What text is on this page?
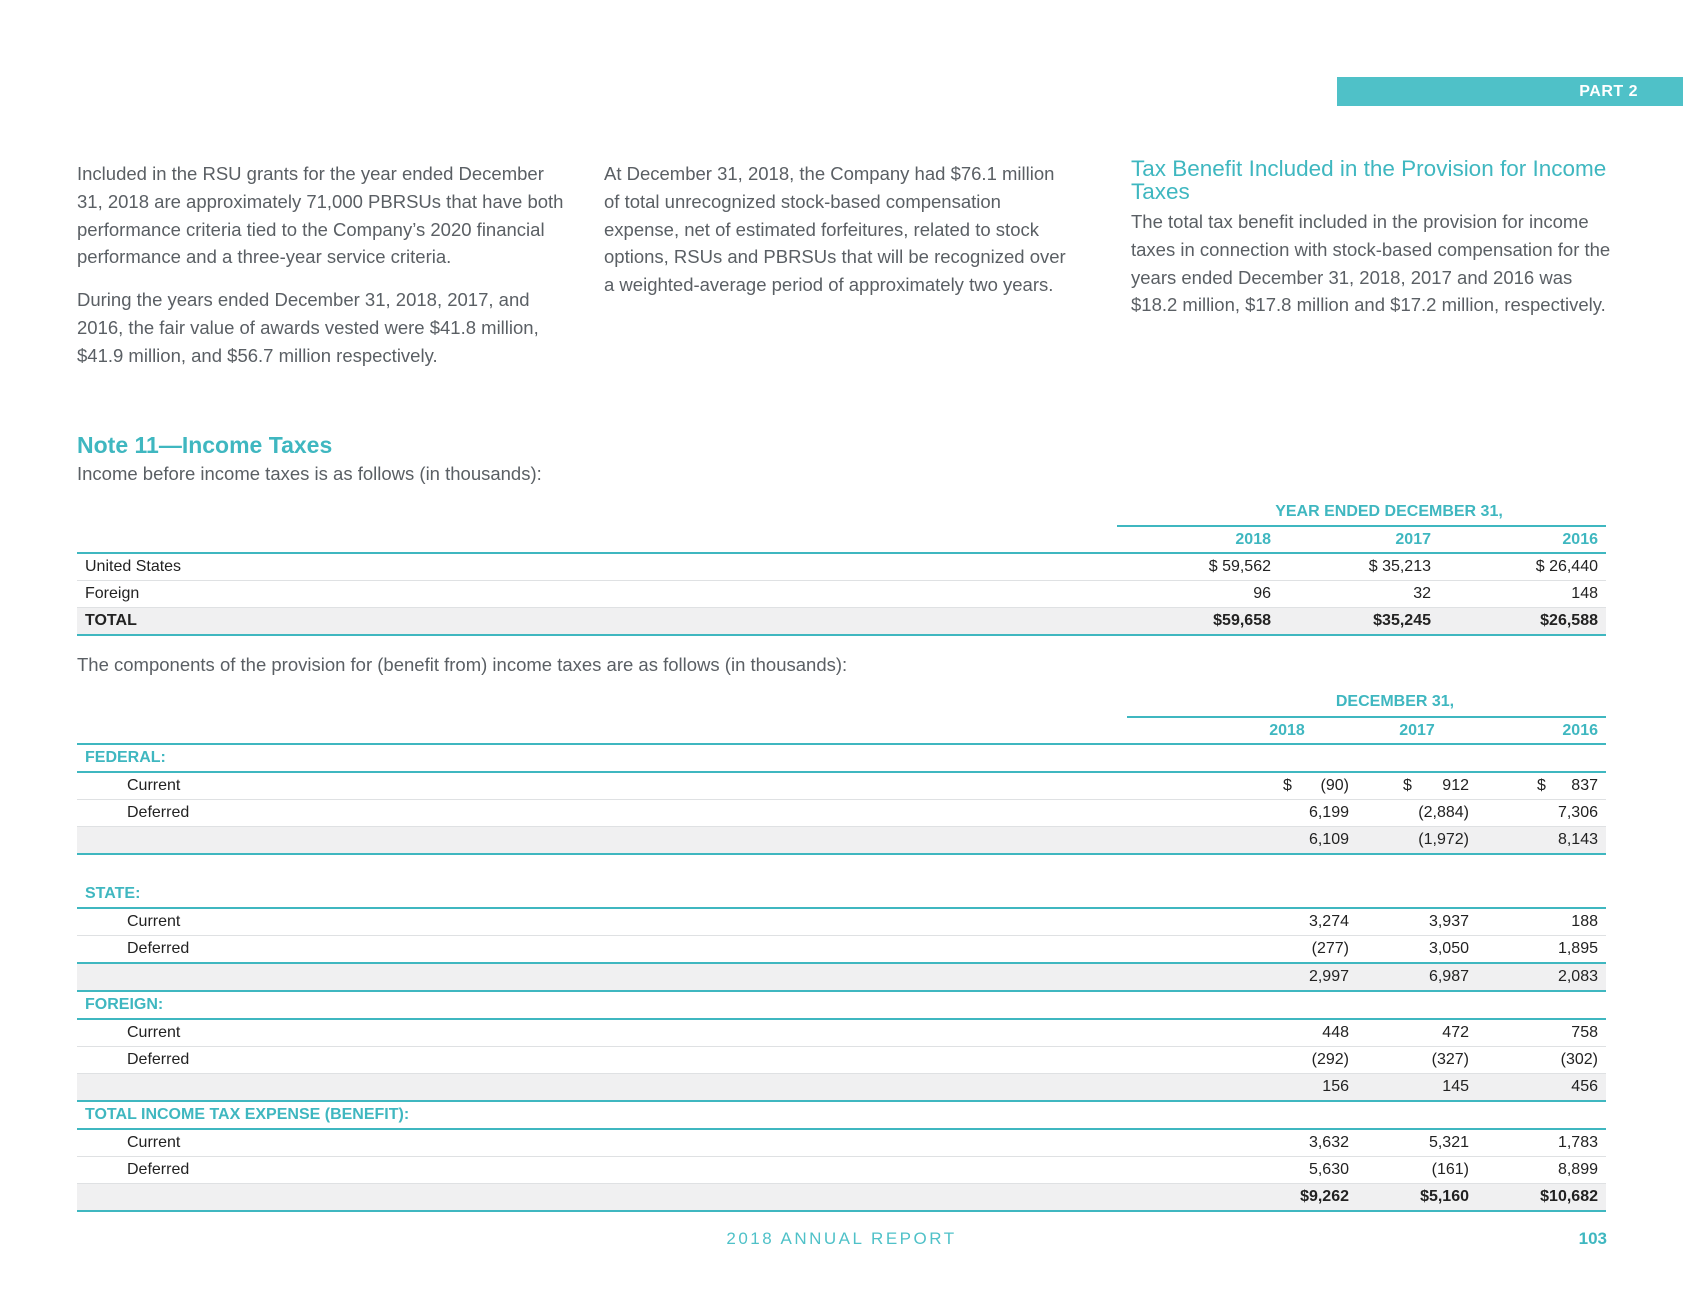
PART 2

Included in the RSU grants for the year ended December 31, 2018 are approximately 71,000 PBRSUs that have both performance criteria tied to the Company’s 2020 financial performance and a three-year service criteria.

During the years ended December 31, 2018, 2017, and 2016, the fair value of awards vested were $41.8 million, $41.9 million, and $56.7 million respectively.

At December 31, 2018, the Company had $76.1 million of total unrecognized stock-based compensation expense, net of estimated forfeitures, related to stock options, RSUs and PBRSUs that will be recognized over a weighted-average period of approximately two years.

Tax Benefit Included in the Provision for Income Taxes

The total tax benefit included in the provision for income taxes in connection with stock-based compensation for the years ended December 31, 2018, 2017 and 2016 was $18.2 million, $17.8 million and $17.2 million, respectively.

Note 11—Income Taxes

Income before income taxes is as follows (in thousands):

YEAR ENDED DECEMBER 31,
	2018	2017	2016
United States	$ 59,562	$ 35,213	$ 26,440
Foreign	96	32	148
TOTAL	$59,658	$35,245	$26,588

The components of the provision for (benefit from) income taxes are as follows (in thousands):

DECEMBER 31,
	2018	2017	2016
FEDERAL:			
Current	$ (90)	$ 912	$ 837
Deferred	6,199	(2,884)	7,306
	6,109	(1,972)	8,143
STATE:			
Current	3,274	3,937	188
Deferred	(277)	3,050	1,895
	2,997	6,987	2,083
FOREIGN:			
Current	448	472	758
Deferred	(292)	(327)	(302)
	156	145	456
TOTAL INCOME TAX EXPENSE (BENEFIT):			
Current	3,632	5,321	1,783
Deferred	5,630	(161)	8,899
	$9,262	$5,160	$10,682
2018 ANNUAL REPORT	103
